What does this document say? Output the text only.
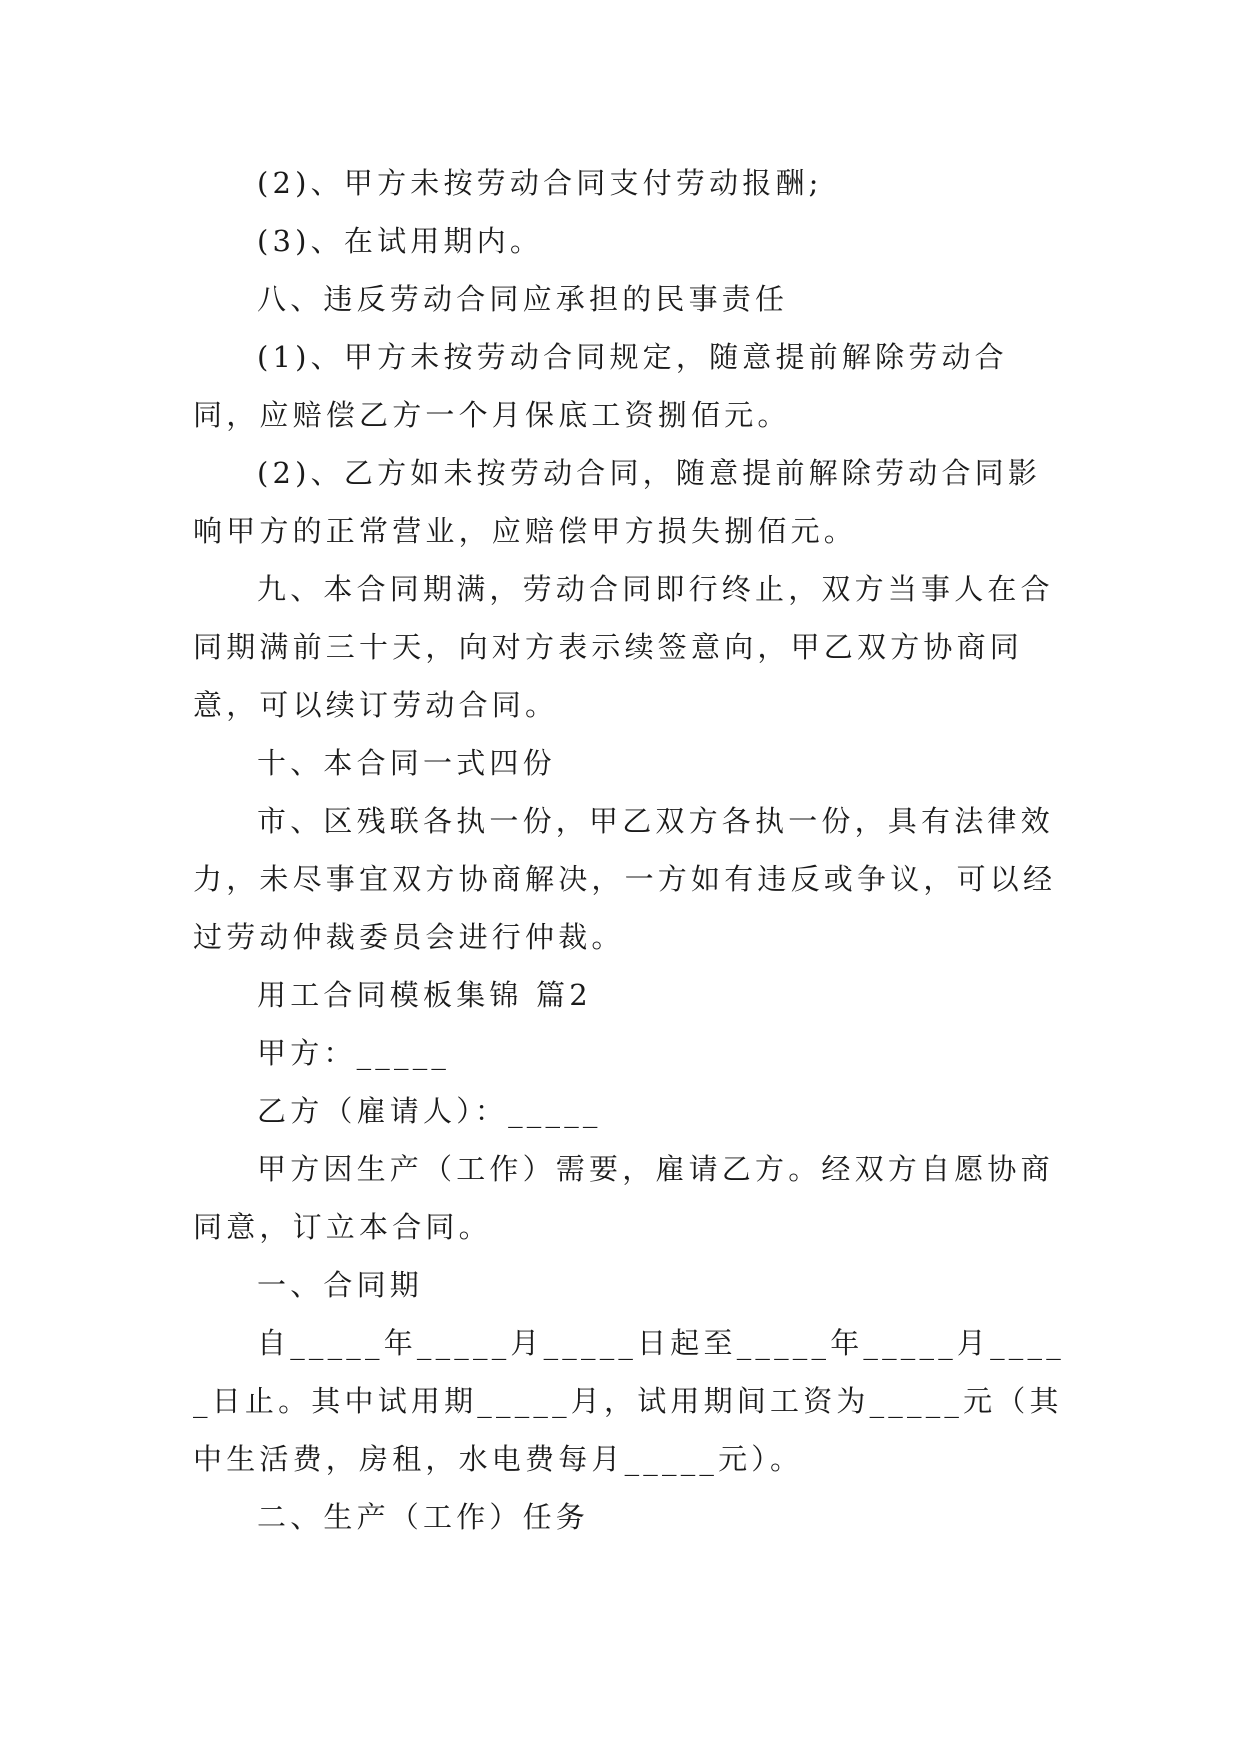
(2)、甲方未按劳动合同支付劳动报酬;

(3)、在试用期内。

八、违反劳动合同应承担的民事责任

(1)、甲方未按劳动合同规定，随意提前解除劳动合同，应赔偿乙方一个月保底工资捌佰元。

(2)、乙方如未按劳动合同，随意提前解除劳动合同影响甲方的正常营业，应赔偿甲方损失捌佰元。

九、本合同期满，劳动合同即行终止，双方当事人在合同期满前三十天，向对方表示续签意向，甲乙双方协商同意，可以续订劳动合同。

十、本合同一式四份

市、区残联各执一份，甲乙双方各执一份，具有法律效力，未尽事宜双方协商解决，一方如有违反或争议，可以经过劳动仲裁委员会进行仲裁。

用工合同模板集锦 篇2

甲方：_____

乙方（雇请人）：_____

甲方因生产（工作）需要，雇请乙方。经双方自愿协商同意，订立本合同。

一、合同期

自_____年_____月_____日起至_____年_____月_____日止。其中试用期_____月，试用期间工资为_____元（其中生活费，房租，水电费每月_____元）。

二、生产（工作）任务
